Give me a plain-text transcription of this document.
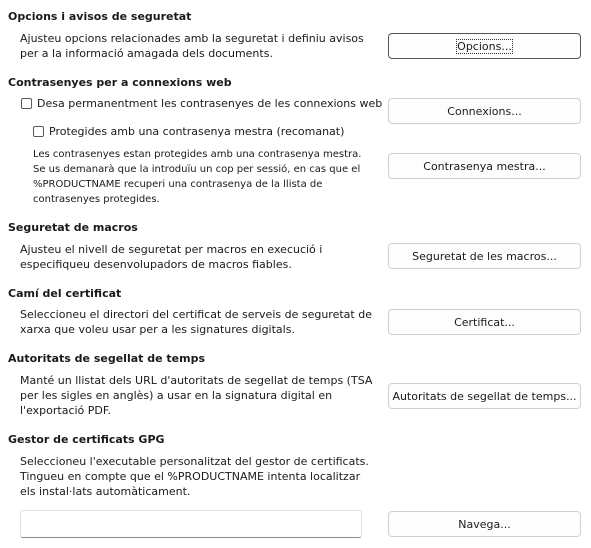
Opcions i avisos de seguretat
Ajusteu opcions relacionades amb la seguretat i definiu avisos
per a la informació amagada dels documents.
Opcions...
Contrasenyes per a connexions web
Desa permanentment les contrasenyes de les connexions web
Connexions...
Protegides amb una contrasenya mestra (recomanat)
Les contrasenyes estan protegides amb una contrasenya mestra.
Se us demanarà que la introduïu un cop per sessió, en cas que el
%PRODUCTNAME recuperi una contrasenya de la llista de
contrasenyes protegides.
Contrasenya mestra...
Seguretat de macros
Ajusteu el nivell de seguretat per macros en execució i
especifiqueu desenvolupadors de macros fiables.
Seguretat de les macros...
Camí del certificat
Seleccioneu el directori del certificat de serveis de seguretat de
xarxa que voleu usar per a les signatures digitals.
Certificat...
Autoritats de segellat de temps
Manté un llistat dels URL d'autoritats de segellat de temps (TSA
per les sigles en anglès) a usar en la signatura digital en
l'exportació PDF.
Autoritats de segellat de temps...
Gestor de certificats GPG
Seleccioneu l'executable personalitzat del gestor de certificats.
Tingueu en compte que el %PRODUCTNAME intenta localitzar
els instal·lats automàticament.
Navega...
